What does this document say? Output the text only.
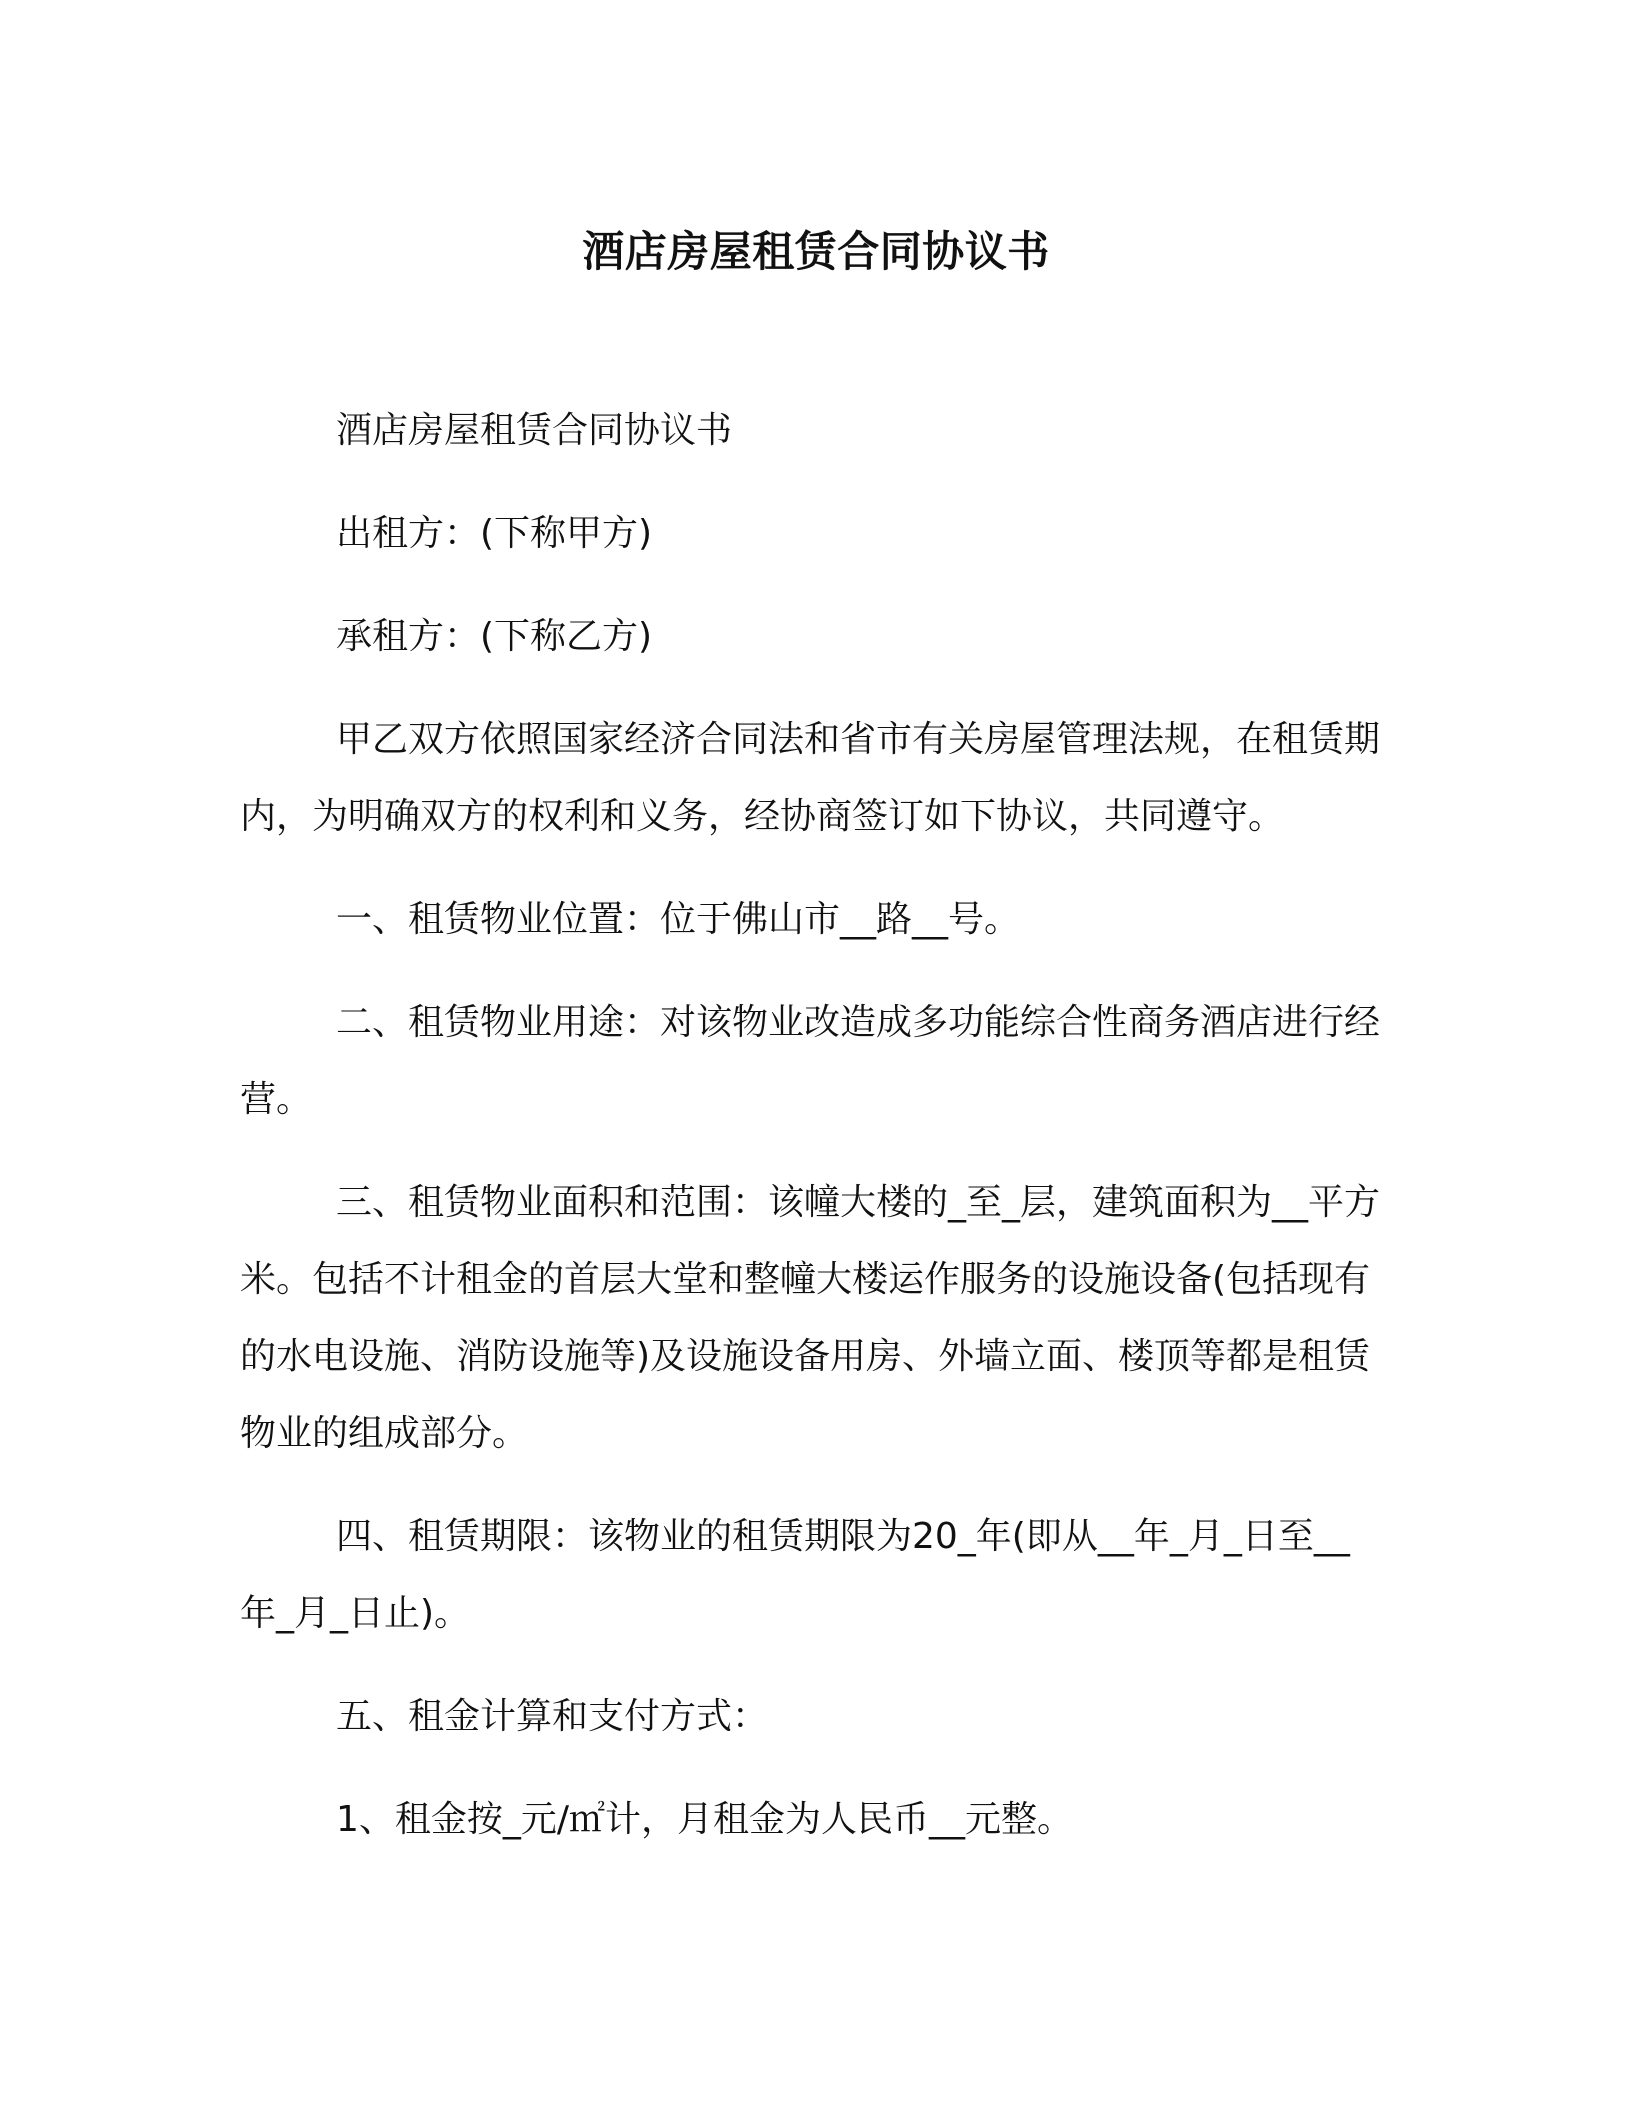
酒店房屋租赁合同协议书

酒店房屋租赁合同协议书

出租方：(下称甲方)

承租方：(下称乙方)

甲乙双方依照国家经济合同法和省市有关房屋管理法规，在租赁期内，为明确双方的权利和义务，经协商签订如下协议，共同遵守。

一、租赁物业位置：位于佛山市__路__号。

二、租赁物业用途：对该物业改造成多功能综合性商务酒店进行经营。

三、租赁物业面积和范围：该幢大楼的_至_层，建筑面积为__平方米。包括不计租金的首层大堂和整幢大楼运作服务的设施设备(包括现有的水电设施、消防设施等)及设施设备用房、外墙立面、楼顶等都是租赁物业的组成部分。

四、租赁期限：该物业的租赁期限为20_年(即从__年_月_日至__年_月_日止)。

五、租金计算和支付方式：

1、租金按_元/㎡计，月租金为人民币__元整。
